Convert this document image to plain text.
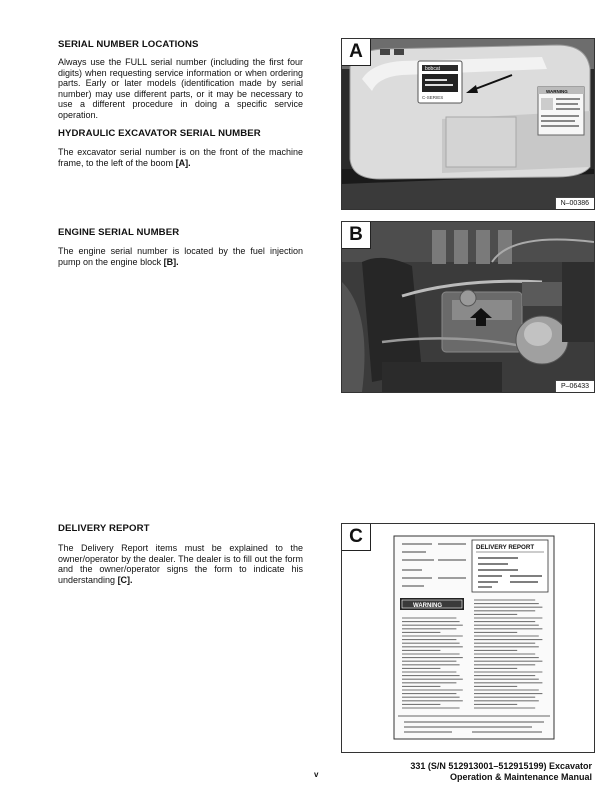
SERIAL NUMBER LOCATIONS

Always use the FULL serial number (including the first four digits) when requesting service information or when ordering parts. Early or later models (identification made by serial number) may use different parts, or it may be necessary to use a different procedure in doing a specific service operation.

HYDRAULIC EXCAVATOR SERIAL NUMBER

The excavator serial number is on the front of the machine frame, to the left of the boom [A].

ENGINE SERIAL NUMBER

The engine serial number is located by the fuel injection pump on the engine block [B].

DELIVERY REPORT

The Delivery Report items must be explained to the owner/operator by the dealer. The dealer is to fill out the form and the owner/operator signs the form to indicate his understanding [C].

bobcat
C-SERIES
WARNING
A
N–00386
B
P–06433
DELIVERY REPORT
WARNING
C
v
331 (S/N 512913001–512915199) Excavator
Operation & Maintenance Manual
